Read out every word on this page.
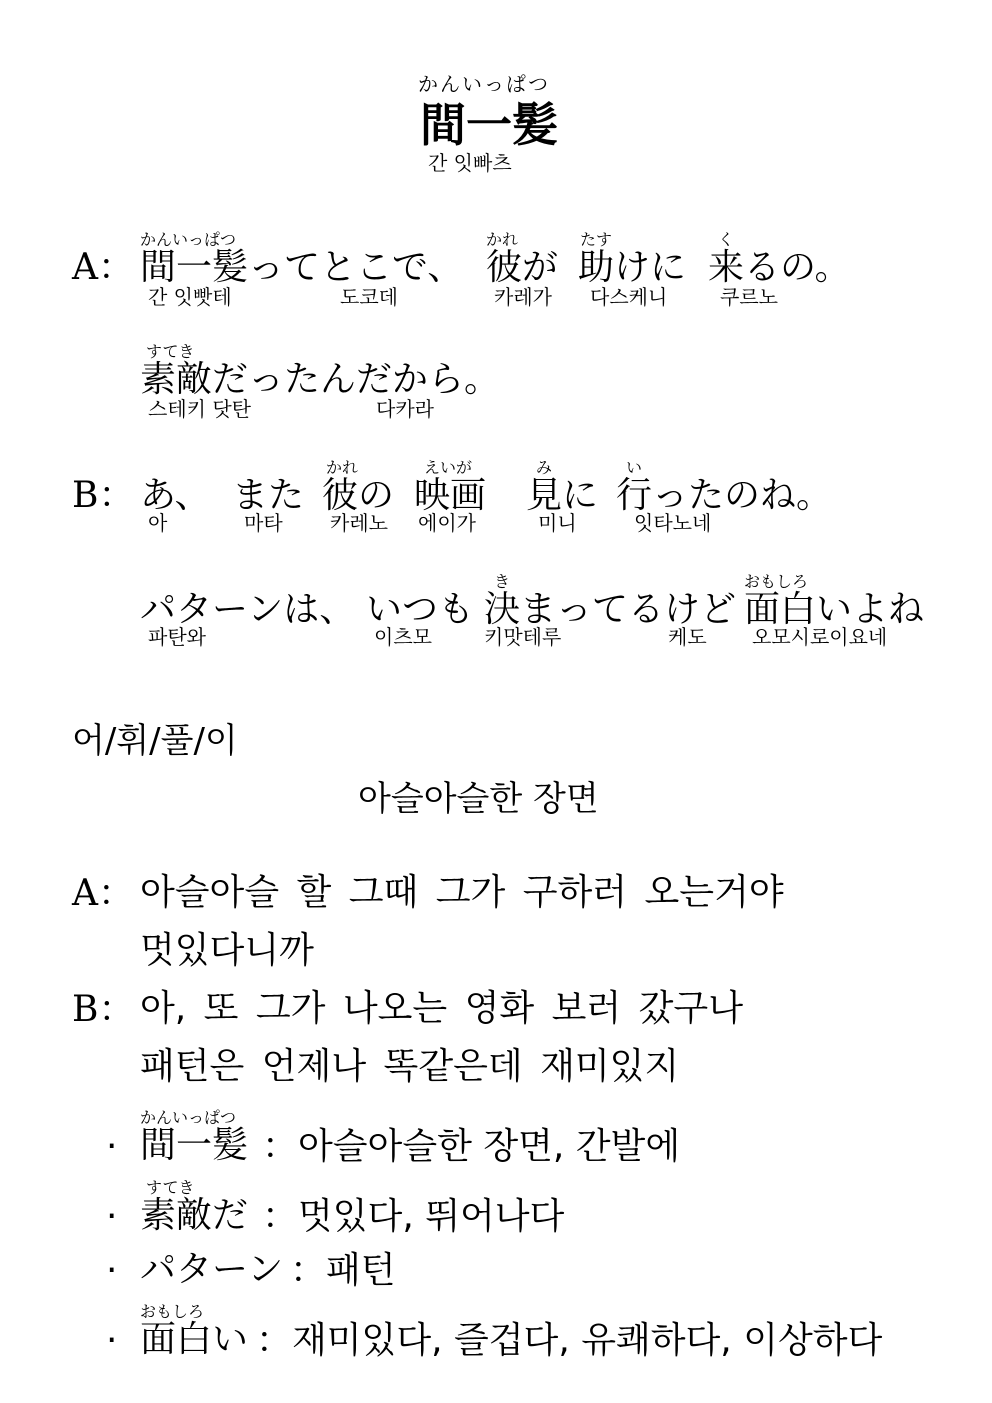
かんいっぱつ
間一髪
간 잇빠츠
A：
かんいっぱつ
間一髪ってとこで、
간 잇빳테	도코데
かれ
彼が
카레가
たす
助けに
다스케니
く
来るの。
쿠르노
すてき
素敵だったんだから。
스테키 닷탄	다카라
B： あ、
아
また
마타
かれ
彼の
카레노
えいが
映画
에이가
み
見に
미니
い
行ったのね。
잇타노네
パターンは、
파탄와
いつも
이츠모
き
決まってるけど
키맛테루	케도
おもしろ
面白いよね
오모시로이요네
어/휘/풀/이
아슬아슬한 장면
A： 아슬아슬 할 그때 그가 구하러 오는거야
멋있다니까
B： 아, 또 그가 나오는 영화 보러 갔구나
패턴은 언제나 똑같은데 재미있지
·
かんいっぱつ
間一髪 ： 아슬아슬한 장면, 간발에
·
すてき
素敵だ ： 멋있다, 뛰어나다
· パターン ： 패턴
·
おもしろ
面白い ： 재미있다, 즐겁다, 유쾌하다, 이상하다
